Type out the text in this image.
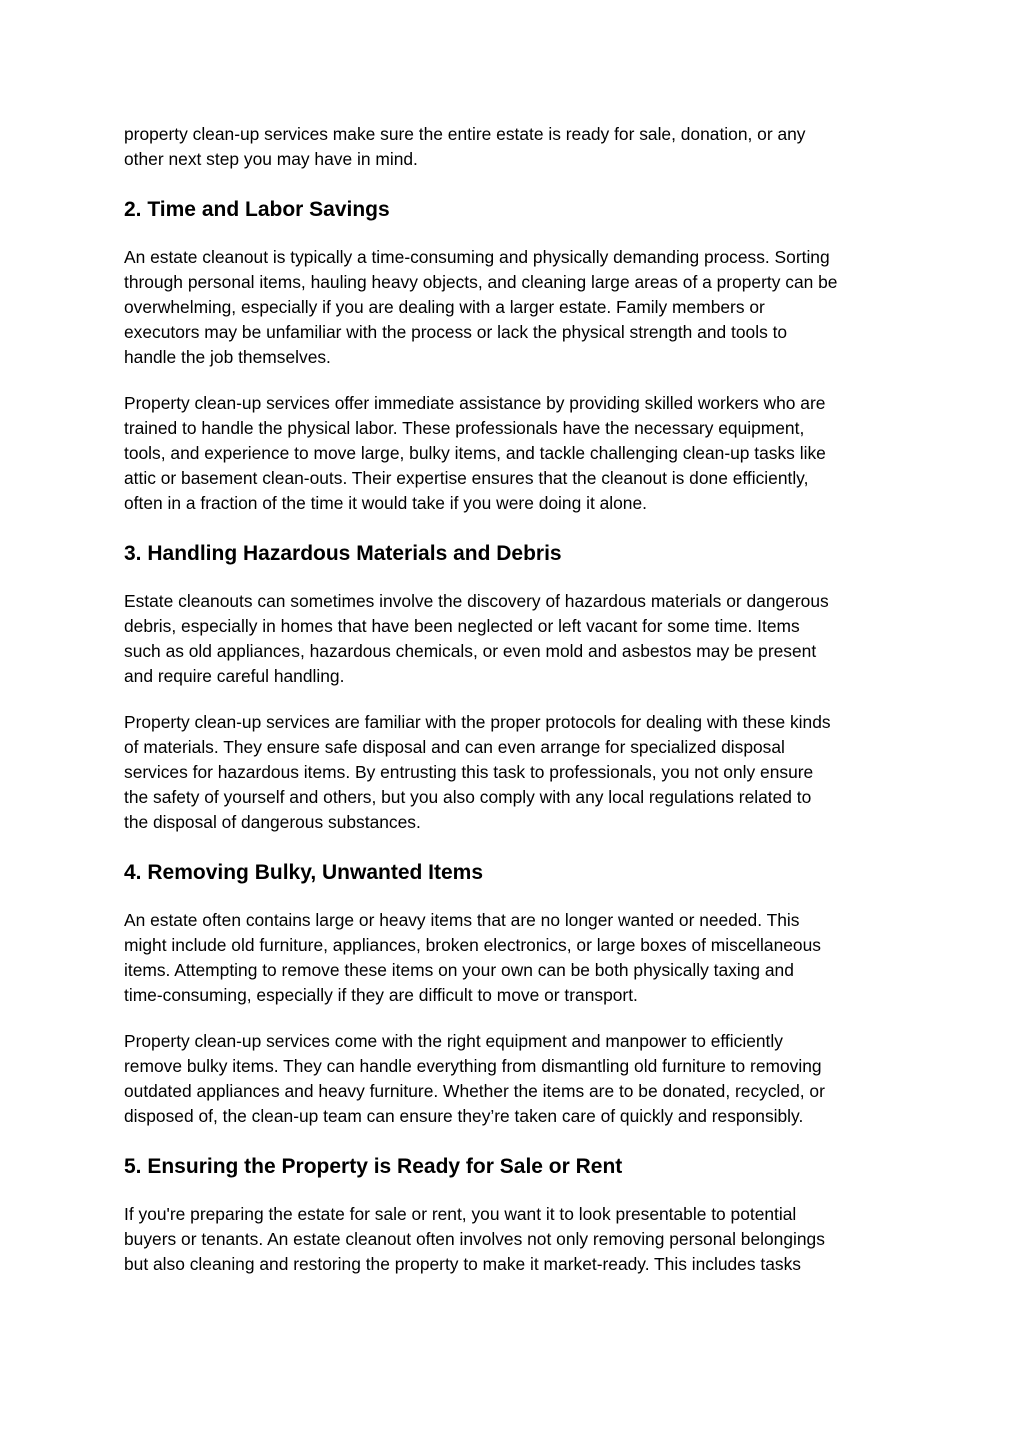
property clean-up services make sure the entire estate is ready for sale, donation, or any
other next step you may have in mind.

2. Time and Labor Savings

An estate cleanout is typically a time-consuming and physically demanding process. Sorting
through personal items, hauling heavy objects, and cleaning large areas of a property can be
overwhelming, especially if you are dealing with a larger estate. Family members or
executors may be unfamiliar with the process or lack the physical strength and tools to
handle the job themselves.

Property clean-up services offer immediate assistance by providing skilled workers who are
trained to handle the physical labor. These professionals have the necessary equipment,
tools, and experience to move large, bulky items, and tackle challenging clean-up tasks like
attic or basement clean-outs. Their expertise ensures that the cleanout is done efficiently,
often in a fraction of the time it would take if you were doing it alone.

3. Handling Hazardous Materials and Debris

Estate cleanouts can sometimes involve the discovery of hazardous materials or dangerous
debris, especially in homes that have been neglected or left vacant for some time. Items
such as old appliances, hazardous chemicals, or even mold and asbestos may be present
and require careful handling.

Property clean-up services are familiar with the proper protocols for dealing with these kinds
of materials. They ensure safe disposal and can even arrange for specialized disposal
services for hazardous items. By entrusting this task to professionals, you not only ensure
the safety of yourself and others, but you also comply with any local regulations related to
the disposal of dangerous substances.

4. Removing Bulky, Unwanted Items

An estate often contains large or heavy items that are no longer wanted or needed. This
might include old furniture, appliances, broken electronics, or large boxes of miscellaneous
items. Attempting to remove these items on your own can be both physically taxing and
time-consuming, especially if they are difficult to move or transport.

Property clean-up services come with the right equipment and manpower to efficiently
remove bulky items. They can handle everything from dismantling old furniture to removing
outdated appliances and heavy furniture. Whether the items are to be donated, recycled, or
disposed of, the clean-up team can ensure they’re taken care of quickly and responsibly.

5. Ensuring the Property is Ready for Sale or Rent

If you're preparing the estate for sale or rent, you want it to look presentable to potential
buyers or tenants. An estate cleanout often involves not only removing personal belongings
but also cleaning and restoring the property to make it market-ready. This includes tasks
